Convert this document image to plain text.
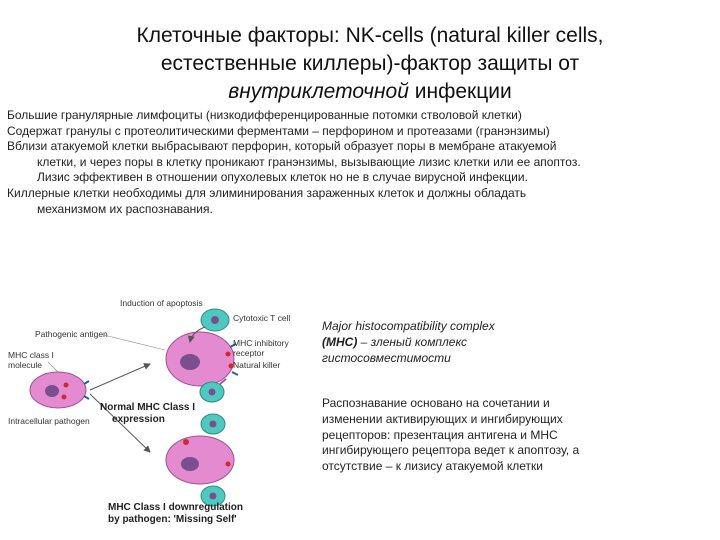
Клеточные факторы: NK-cells (natural killer cells,
естественные киллеры)-фактор защиты от
внутриклеточной инфекции

Большие гранулярные лимфоциты (низкодифференцированные потомки стволовой клетки)

Содержат гранулы с протеолитическими ферментами – перфорином и протеазами (гранэнзимы)

Вблизи атакуемой клетки выбрасывают перфорин, который образует поры в мембране атакуемой клетки, и через поры в клетку проникают гранэнзимы, вызывающие лизис клетки или ее апоптоз. Лизис эффективен в отношении опухолевых клеток но не в случае вирусной инфекции.

Киллерные клетки необходимы для элиминирования зараженных клеток и должны обладать механизмом их распознавания.

Induction of apoptosis
Cytotoxic T cell
Pathogenic antigen
MHC class I
molecule
MHC inhibitory
receptor
Natural killer
Intracellular pathogen
Normal MHC Class I
expression
MHC Class I downregulation
by pathogen: 'Missing Self'
Major histocompatibility complex
(MHC) – зленый комплекс
гистосовместимости
Распознавание основано на сочетании и изменении активирующих и ингибирующих рецепторов: презентация антигена и МНС ингибирующего рецептора ведет к апоптозу, а отсутствие – к лизису атакуемой клетки
